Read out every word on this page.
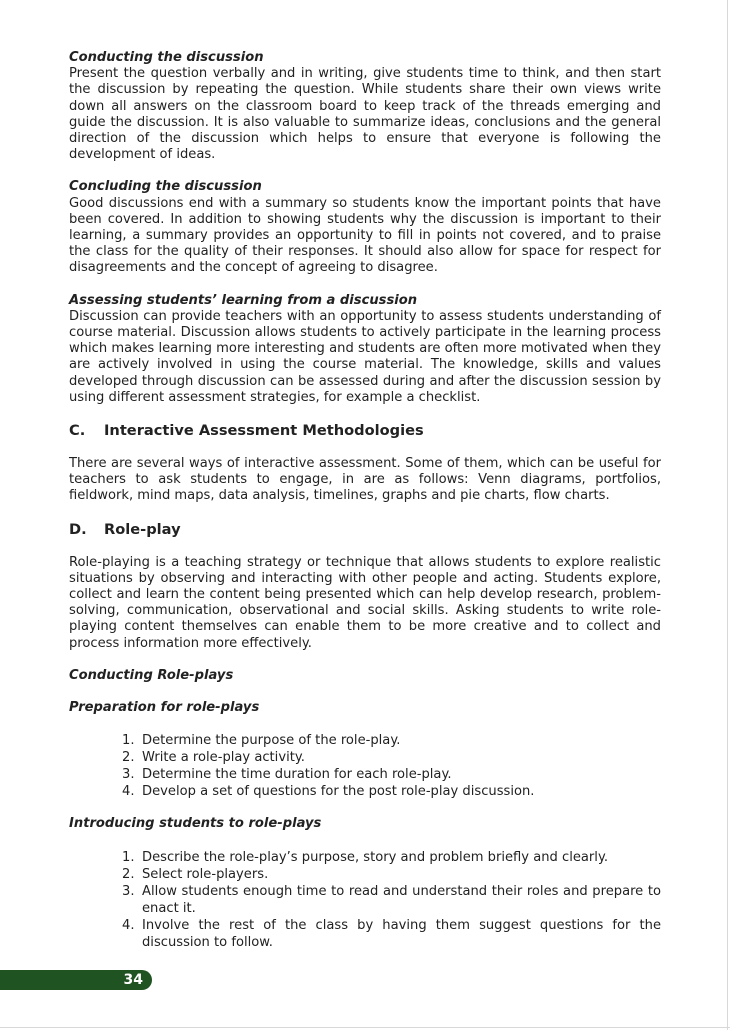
Conducting the discussion
Present the question verbally and in writing, give students time to think, and then start the discussion by repeating the question. While students share their own views write down all answers on the classroom board to keep track of the threads emerging and guide the discussion. It is also valuable to summarize ideas, conclusions and the general direction of the discussion which helps to ensure that everyone is following the development of ideas.

Concluding the discussion
Good discussions end with a summary so students know the important points that have been covered. In addition to showing students why the discussion is important to their learning, a summary provides an opportunity to fill in points not covered, and to praise the class for the quality of their responses. It should also allow for space for respect for disagreements and the concept of agreeing to disagree.

Assessing students’ learning from a discussion
Discussion can provide teachers with an opportunity to assess students understanding of course material. Discussion allows students to actively participate in the learning process which makes learning more interesting and students are often more motivated when they are actively involved in using the course material. The knowledge, skills and values developed through discussion can be assessed during and after the discussion session by using different assessment strategies, for example a checklist.

C. Interactive Assessment Methodologies

There are several ways of interactive assessment. Some of them, which can be useful for teachers to ask students to engage, in are as follows: Venn diagrams, portfolios, fieldwork, mind maps, data analysis, timelines, graphs and pie charts, flow charts.

D. Role-play

Role-playing is a teaching strategy or technique that allows students to explore realistic situations by observing and interacting with other people and acting. Students explore, collect and learn the content being presented which can help develop research, problem-solving, communication, observational and social skills. Asking students to write role-playing content themselves can enable them to be more creative and to collect and process information more effectively.

Conducting Role-plays

Preparation for role-plays

1. Determine the purpose of the role-play.
2. Write a role-play activity.
3. Determine the time duration for each role-play.
4. Develop a set of questions for the post role-play discussion.

Introducing students to role-plays

1. Describe the role-play’s purpose, story and problem briefly and clearly.
2. Select role-players.
3. Allow students enough time to read and understand their roles and prepare to enact it.
4. Involve the rest of the class by having them suggest questions for the discussion to follow.
34
